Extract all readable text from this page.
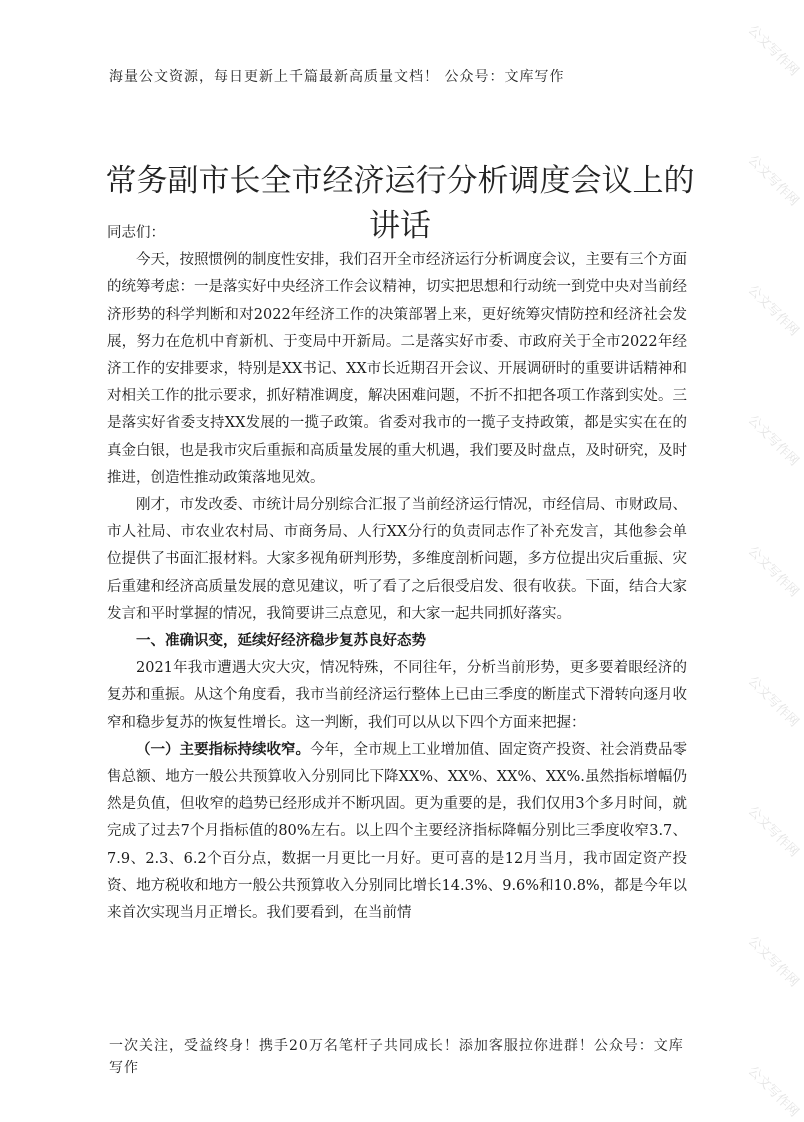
公文写作网
公文写作网
公文写作网
公文写作网
公文写作网
公文写作网
公文写作网
公文写作网
公文写作网
海量公文资源，每日更新上千篇最新高质量文档！ 公众号：文库写作
常务副市长全市经济运行分析调度会议上的讲话

同志们：

今天，按照惯例的制度性安排，我们召开全市经济运行分析调度会议，主要有三个方面的统筹考虑：一是落实好中央经济工作会议精神，切实把思想和行动统一到党中央对当前经济形势的科学判断和对2022年经济工作的决策部署上来，更好统筹灾情防控和经济社会发展，努力在危机中育新机、于变局中开新局。二是落实好市委、市政府关于全市2022年经济工作的安排要求，特别是XX书记、XX市长近期召开会议、开展调研时的重要讲话精神和对相关工作的批示要求，抓好精准调度，解决困难问题，不折不扣把各项工作落到实处。三是落实好省委支持XX发展的一揽子政策。省委对我市的一揽子支持政策，都是实实在在的真金白银，也是我市灾后重振和高质量发展的重大机遇，我们要及时盘点，及时研究，及时推进，创造性推动政策落地见效。

刚才，市发改委、市统计局分别综合汇报了当前经济运行情况，市经信局、市财政局、市人社局、市农业农村局、市商务局、人行XX分行的负责同志作了补充发言，其他参会单位提供了书面汇报材料。大家多视角研判形势，多维度剖析问题，多方位提出灾后重振、灾后重建和经济高质量发展的意见建议，听了看了之后很受启发、很有收获。下面，结合大家发言和平时掌握的情况，我简要讲三点意见，和大家一起共同抓好落实。

一、准确识变，延续好经济稳步复苏良好态势

2021年我市遭遇大灾大灾，情况特殊，不同往年，分析当前形势，更多要着眼经济的复苏和重振。从这个角度看，我市当前经济运行整体上已由三季度的断崖式下滑转向逐月收窄和稳步复苏的恢复性增长。这一判断，我们可以从以下四个方面来把握：

（一）主要指标持续收窄。今年，全市规上工业增加值、固定资产投资、社会消费品零售总额、地方一般公共预算收入分别同比下降XX%、XX%、XX%、XX%.虽然指标增幅仍然是负值，但收窄的趋势已经形成并不断巩固。更为重要的是，我们仅用3个多月时间，就完成了过去7个月指标值的80%左右。以上四个主要经济指标降幅分别比三季度收窄3.7、7.9、2.3、6.2个百分点，数据一月更比一月好。更可喜的是12月当月，我市固定资产投资、地方税收和地方一般公共预算收入分别同比增长14.3%、9.6%和10.8%，都是今年以来首次实现当月正增长。我们要看到，在当前情

一次关注，受益终身！携手20万名笔杆子共同成长！添加客服拉你进群！公众号：文库写作
